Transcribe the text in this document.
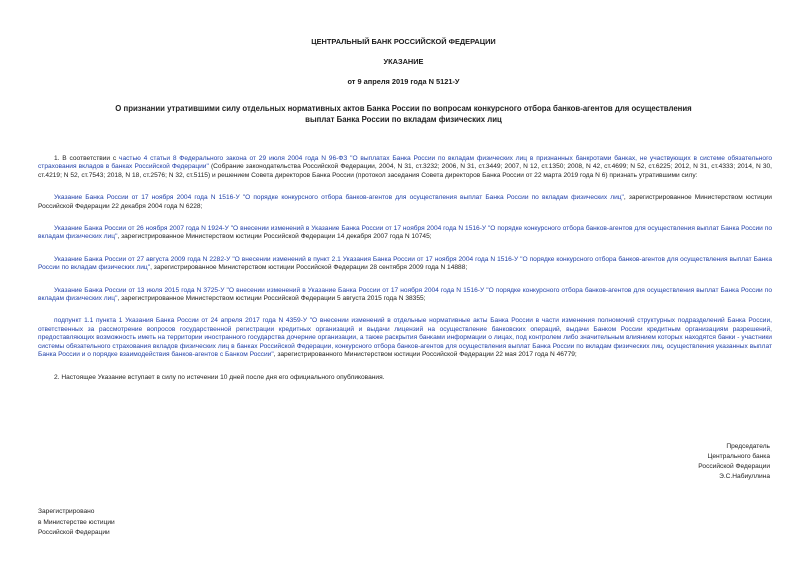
ЦЕНТРАЛЬНЫЙ БАНК РОССИЙСКОЙ ФЕДЕРАЦИИ
УКАЗАНИЕ
от 9 апреля 2019 года N 5121-У
О признании утратившими силу отдельных нормативных актов Банка России по вопросам конкурсного отбора банков-агентов для осуществления выплат Банка России по вкладам физических лиц

1. В соответствии с частью 4 статьи 8 Федерального закона от 29 июля 2004 года N 96-ФЗ "О выплатах Банка России по вкладам физических лиц в признанных банкротами банках, не участвующих в системе обязательного страхования вкладов в банках Российской Федерации" (Собрание законодательства Российской Федерации, 2004, N 31, ст.3232; 2006, N 31, ст.3449; 2007, N 12, ст.1350; 2008, N 42, ст.4699; N 52, ст.6225; 2012, N 31, ст.4333; 2014, N 30, ст.4219; N 52, ст.7543; 2018, N 18, ст.2576; N 32, ст.5115) и решением Совета директоров Банка России (протокол заседания Совета директоров Банка России от 22 марта 2019 года N 6) признать утратившими силу:

Указание Банка России от 17 ноября 2004 года N 1516-У "О порядке конкурсного отбора банков-агентов для осуществления выплат Банка России по вкладам физических лиц", зарегистрированное Министерством юстиции Российской Федерации 22 декабря 2004 года N 6228;

Указание Банка России от 26 ноября 2007 года N 1924-У "О внесении изменений в Указание Банка России от 17 ноября 2004 года N 1516-У "О порядке конкурсного отбора банков-агентов для осуществления выплат Банка России по вкладам физических лиц", зарегистрированное Министерством юстиции Российской Федерации 14 декабря 2007 года N 10745;

Указание Банка России от 27 августа 2009 года N 2282-У "О внесении изменений в пункт 2.1 Указания Банка России от 17 ноября 2004 года N 1516-У "О порядке конкурсного отбора банков-агентов для осуществления выплат Банка России по вкладам физических лиц", зарегистрированное Министерством юстиции Российской Федерации 28 сентября 2009 года N 14888;

Указание Банка России от 13 июля 2015 года N 3725-У "О внесении изменений в Указание Банка России от 17 ноября 2004 года N 1516-У "О порядке конкурсного отбора банков-агентов для осуществления выплат Банка России по вкладам физических лиц", зарегистрированное Министерством юстиции Российской Федерации 5 августа 2015 года N 38355;

подпункт 1.1 пункта 1 Указания Банка России от 24 апреля 2017 года N 4359-У "О внесении изменений в отдельные нормативные акты Банка России в части изменения полномочий структурных подразделений Банка России, ответственных за рассмотрение вопросов государственной регистрации кредитных организаций и выдачи лицензий на осуществление банковских операций, выдачи Банком России кредитным организациям разрешений, предоставляющих возможность иметь на территории иностранного государства дочерние организации, а также раскрытия банками информации о лицах, под контролем либо значительным влиянием которых находятся банки - участники системы обязательного страхования вкладов физических лиц в банках Российской Федерации, конкурсного отбора банков-агентов для осуществления выплат Банка России по вкладам физических лиц, осуществления указанных выплат Банка России и о порядке взаимодействия банков-агентов с Банком России", зарегистрированного Министерством юстиции Российской Федерации 22 мая 2017 года N 46779;

2. Настоящее Указание вступает в силу по истечении 10 дней после дня его официального опубликования.

Председатель
Центрального банка
Российской Федерации
Э.С.Набиуллина
Зарегистрировано
в Министерстве юстиции
Российской Федерации
